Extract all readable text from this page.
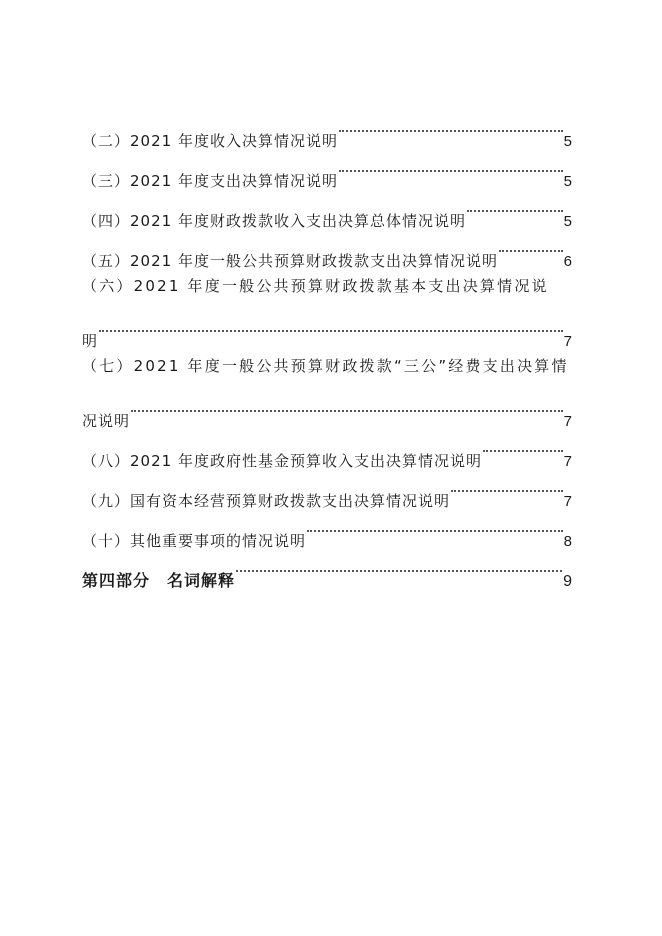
（二）2021 年度收入决算情况说明	5
（三）2021 年度支出决算情况说明	5
（四）2021 年度财政拨款收入支出决算总体情况说明	5
（五）2021 年度一般公共预算财政拨款支出决算情况说明	6
（六）2021 年度一般公共预算财政拨款基本支出决算情况说
明	7
（七）2021 年度一般公共预算财政拨款“三公”经费支出决算情
况说明	7
（八）2021 年度政府性基金预算收入支出决算情况说明	7
（九）国有资本经营预算财政拨款支出决算情况说明	7
（十）其他重要事项的情况说明	8
第四部分　名词解释	9
